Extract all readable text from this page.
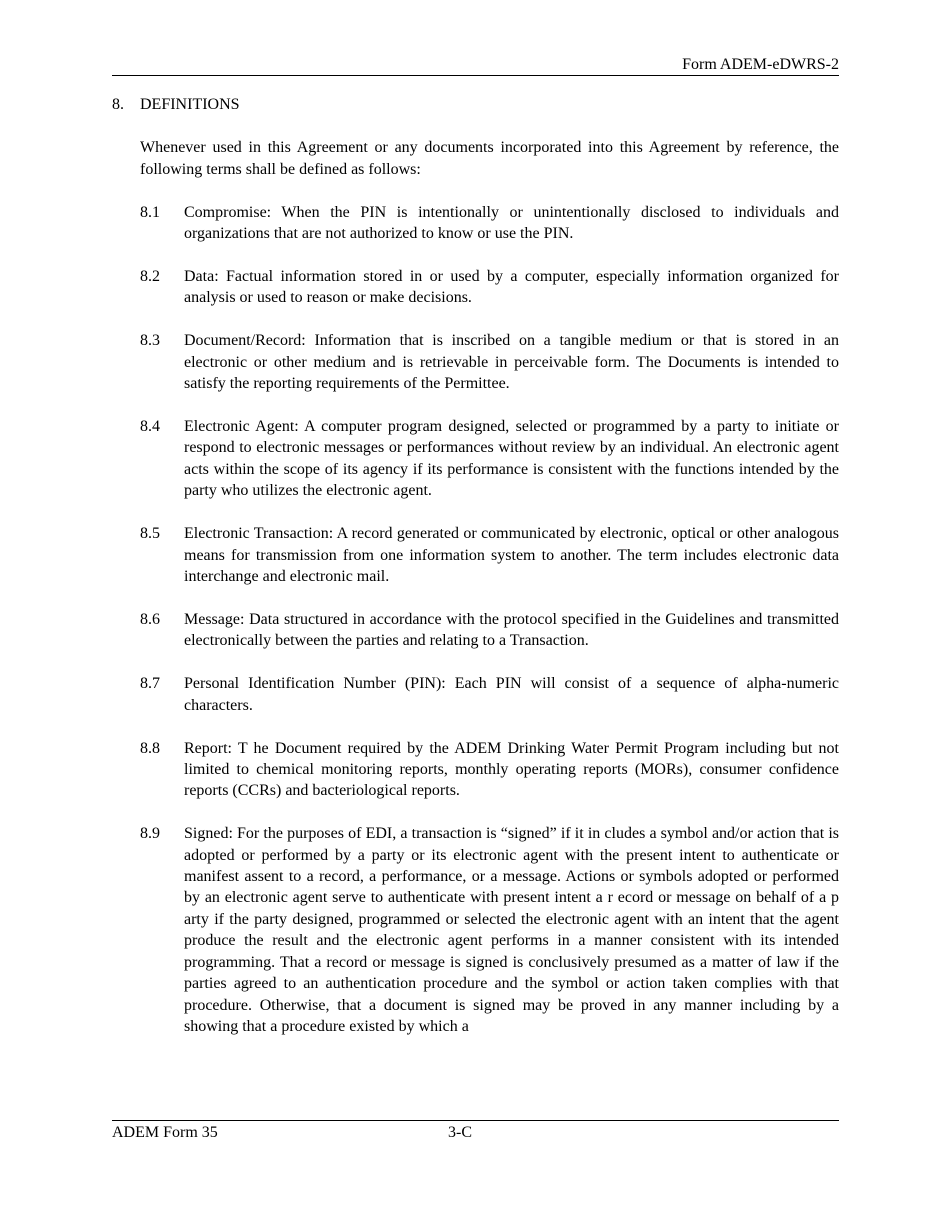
Form ADEM-eDWRS-2
8.	DEFINITIONS

Whenever used in this Agreement or any documents incorporated into this Agreement by reference, the following terms shall be defined as follows:

8.1	Compromise: When the PIN is intentionally or unintentionally disclosed to individuals and organizations that are not authorized to know or use the PIN.
8.2	Data: Factual information stored in or used by a computer, especially information organized for analysis or used to reason or make decisions.
8.3	Document/Record: Information that is inscribed on a tangible medium or that is stored in an electronic or other medium and is retrievable in perceivable form. The Documents is intended to satisfy the reporting requirements of the Permittee.
8.4	Electronic Agent: A computer program designed, selected or programmed by a party to initiate or respond to electronic messages or performances without review by an individual. An electronic agent acts within the scope of its agency if its performance is consistent with the functions intended by the party who utilizes the electronic agent.
8.5	Electronic Transaction: A record generated or communicated by electronic, optical or other analogous means for transmission from one information system to another. The term includes electronic data interchange and electronic mail.
8.6	Message: Data structured in accordance with the protocol specified in the Guidelines and transmitted electronically between the parties and relating to a Transaction.
8.7	Personal Identification Number (PIN): Each PIN will consist of a sequence of alpha-numeric characters.
8.8	Report: T he Document required by the ADEM Drinking Water Permit Program including but not limited to chemical monitoring reports, monthly operating reports (MORs), consumer confidence reports (CCRs) and bacteriological reports.
8.9	Signed: For the purposes of EDI, a transaction is “signed” if it in cludes a symbol and/or action that is adopted or performed by a party or its electronic agent with the present intent to authenticate or manifest assent to a record, a performance, or a message. Actions or symbols adopted or performed by an electronic agent serve to authenticate with present intent a r ecord or message on behalf of a p arty if the party designed, programmed or selected the electronic agent with an intent that the agent produce the result and the electronic agent performs in a manner consistent with its intended programming. That a record or message is signed is conclusively presumed as a matter of law if the parties agreed to an authentication procedure and the symbol or action taken complies with that procedure. Otherwise, that a document is signed may be proved in any manner including by a showing that a procedure existed by which a
ADEM Form 35	3-C
